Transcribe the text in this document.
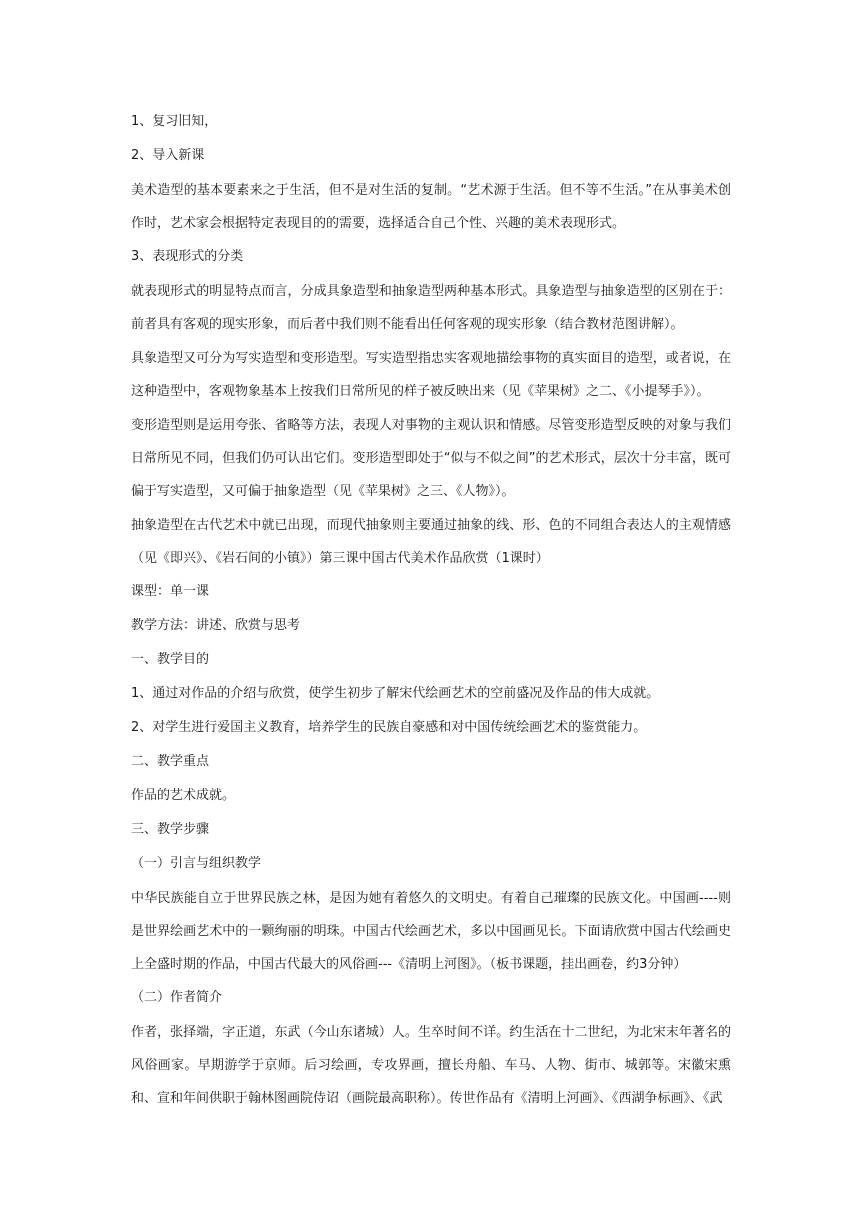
1、复习旧知，

2、导入新课

美术造型的基本要素来之于生活，但不是对生活的复制。“艺术源于生活。但不等不生活。”在从事美术创作时，艺术家会根据特定表现目的的需要，选择适合自己个性、兴趣的美术表现形式。

3、表现形式的分类

就表现形式的明显特点而言，分成具象造型和抽象造型两种基本形式。具象造型与抽象造型的区别在于：前者具有客观的现实形象，而后者中我们则不能看出任何客观的现实形象（结合教材范图讲解）。

具象造型又可分为写实造型和变形造型。写实造型指忠实客观地描绘事物的真实面目的造型，或者说，在这种造型中，客观物象基本上按我们日常所见的样子被反映出来（见《苹果树》之二、《小提琴手》）。

变形造型则是运用夸张、省略等方法，表现人对事物的主观认识和情感。尽管变形造型反映的对象与我们日常所见不同，但我们仍可认出它们。变形造型即处于“似与不似之间”的艺术形式，层次十分丰富，既可偏于写实造型，又可偏于抽象造型（见《苹果树》之三、《人物》）。

抽象造型在古代艺术中就已出现，而现代抽象则主要通过抽象的线、形、色的不同组合表达人的主观情感（见《即兴》、《岩石间的小镇》）第三课中国古代美术作品欣赏（1课时）

课型：单一课

教学方法：讲述、欣赏与思考

一、教学目的

1、通过对作品的介绍与欣赏，使学生初步了解宋代绘画艺术的空前盛况及作品的伟大成就。

2、对学生进行爱国主义教育，培养学生的民族自豪感和对中国传统绘画艺术的鉴赏能力。

二、教学重点

作品的艺术成就。

三、教学步骤

（一）引言与组织教学

中华民族能自立于世界民族之林，是因为她有着悠久的文明史。有着自己璀璨的民族文化。中国画----则是世界绘画艺术中的一颗绚丽的明珠。中国古代绘画艺术，多以中国画见长。下面请欣赏中国古代绘画史上全盛时期的作品，中国古代最大的风俗画---《清明上河图》。（板书课题，挂出画卷，约3分钟）

（二）作者简介

作者，张择端，字正道，东武（今山东诸城）人。生卒时间不详。约生活在十二世纪，为北宋末年著名的风俗画家。早期游学于京师。后习绘画，专攻界画，擅长舟船、车马、人物、街市、城郭等。宋徽宋熏和、宣和年间供职于翰林图画院侍诏（画院最高职称）。传世作品有《清明上河画》、《西湖争标画》、《武
